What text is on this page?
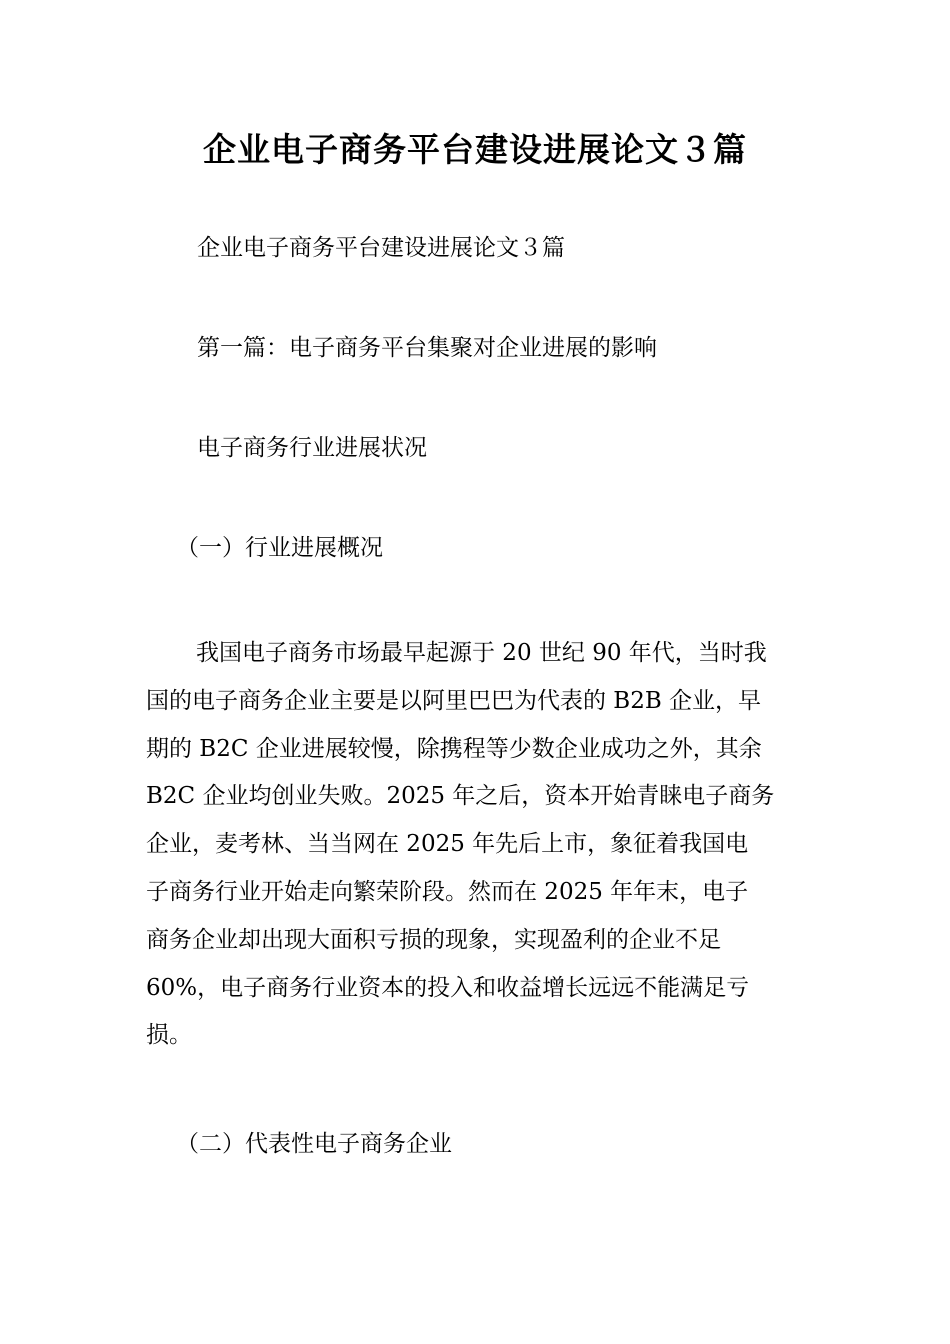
企业电子商务平台建设进展论文３篇
企业电子商务平台建设进展论文３篇
第一篇：电子商务平台集聚对企业进展的影响
电子商务行业进展状况
（一）行业进展概况
我国电子商务市场最早起源于 20 世纪 90 年代，当时我
国的电子商务企业主要是以阿里巴巴为代表的 B2B 企业，早
期的 B2C 企业进展较慢，除携程等少数企业成功之外，其余
B2C 企业均创业失败。2025 年之后，资本开始青睐电子商务
企业，麦考林、当当网在 2025 年先后上市，象征着我国电
子商务行业开始走向繁荣阶段。然而在 2025 年年末，电子
商务企业却出现大面积亏损的现象，实现盈利的企业不足
60%，电子商务行业资本的投入和收益增长远远不能满足亏
损。
（二）代表性电子商务企业
